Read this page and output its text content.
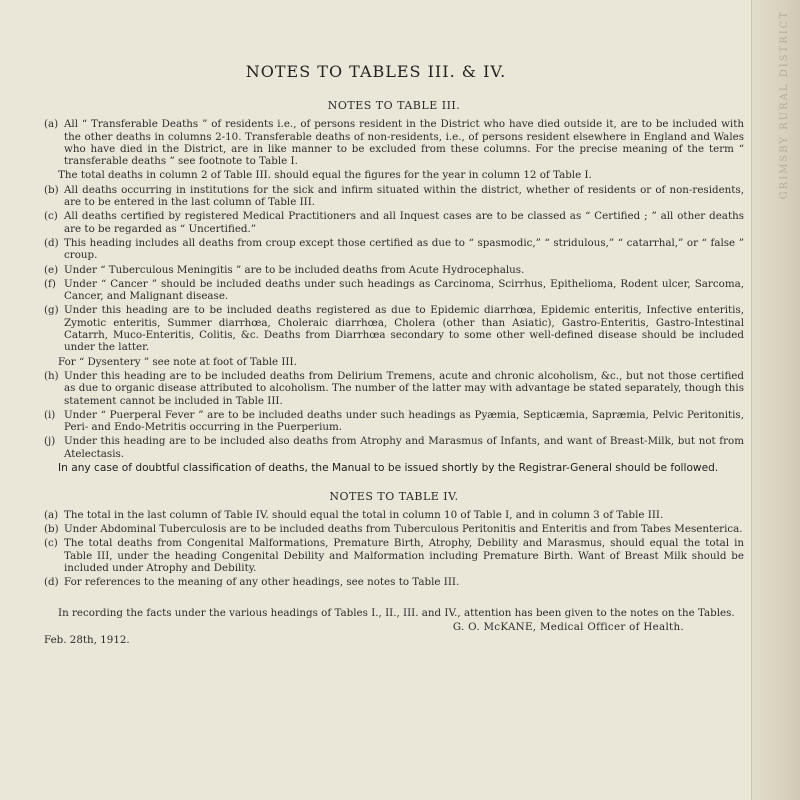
GRIMSBY RURAL DISTRICT
NOTES TO TABLES III. & IV.
NOTES TO TABLE III.
(a) All “ Transferable Deaths ” of residents i.e., of persons resident in the District who have died outside it, are to be included with the other deaths in columns 2-10. Transferable deaths of non-residents, i.e., of persons resident elsewhere in England and Wales who have died in the District, are in like manner to be excluded from these columns. For the precise meaning of the term “ transferable deaths ” see footnote to Table I.
The total deaths in column 2 of Table III. should equal the figures for the year in column 12 of Table I.
(b) All deaths occurring in institutions for the sick and infirm situated within the district, whether of residents or of non-residents, are to be entered in the last column of Table III.
(c) All deaths certified by registered Medical Practitioners and all Inquest cases are to be classed as “ Certified ; ” all other deaths are to be regarded as “ Uncertified.”
(d) This heading includes all deaths from croup except those certified as due to “ spasmodic,” “ stridulous,” “ catarrhal,” or “ false ” croup.
(e) Under “ Tuberculous Meningitis ” are to be included deaths from Acute Hydrocephalus.
(f) Under “ Cancer ” should be included deaths under such headings as Carcinoma, Scirrhus, Epithelioma, Rodent ulcer, Sarcoma, Cancer, and Malignant disease.
(g) Under this heading are to be included deaths registered as due to Epidemic diarrhœa, Epidemic enteritis, Infective enteritis, Zymotic enteritis, Summer diarrhœa, Choleraic diarrhœa, Cholera (other than Asiatic), Gastro-Enteritis, Gastro-Intestinal Catarrh, Muco-Enteritis, Colitis, &c. Deaths from Diarrhœa secondary to some other well-defined disease should be included under the latter.
For “ Dysentery ” see note at foot of Table III.
(h) Under this heading are to be included deaths from Delirium Tremens, acute and chronic alcoholism, &c., but not those certified as due to organic disease attributed to alcoholism. The number of the latter may with advantage be stated separately, though this statement cannot be included in Table III.
(i) Under “ Puerperal Fever ” are to be included deaths under such headings as Pyæmia, Septicæmia, Sapræmia, Pelvic Peritonitis, Peri- and Endo-Metritis occurring in the Puerperium.
(j) Under this heading are to be included also deaths from Atrophy and Marasmus of Infants, and want of Breast-Milk, but not from Atelectasis.
In any case of doubtful classification of deaths, the Manual to be issued shortly by the Registrar-General should be followed.
NOTES TO TABLE IV.
(a) The total in the last column of Table IV. should equal the total in column 10 of Table I, and in column 3 of Table III.
(b) Under Abdominal Tuberculosis are to be included deaths from Tuberculous Peritonitis and Enteritis and from Tabes Mesenterica.
(c) The total deaths from Congenital Malformations, Premature Birth, Atrophy, Debility and Marasmus, should equal the total in Table III, under the heading Congenital Debility and Malformation including Premature Birth. Want of Breast Milk should be included under Atrophy and Debility.
(d) For references to the meaning of any other headings, see notes to Table III.
In recording the facts under the various headings of Tables I., II., III. and IV., attention has been given to the notes on the Tables.
G. O. McKANE, Medical Officer of Health.
Feb. 28th, 1912.
